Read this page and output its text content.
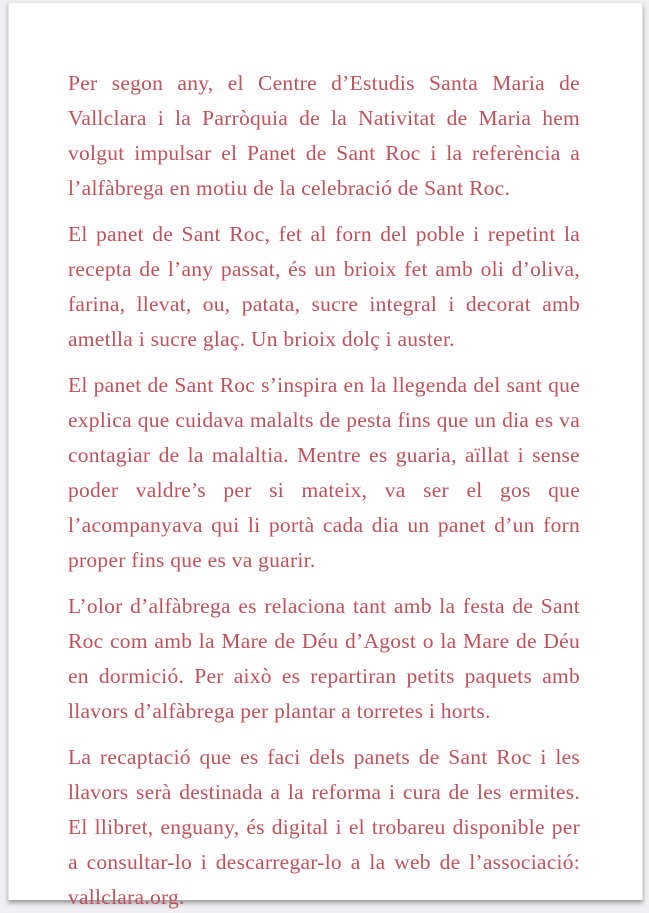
Per segon any, el Centre d’Estudis Santa Maria de Vallclara i la Parròquia de la Nativitat de Maria hem volgut impulsar el Panet de Sant Roc i la referència a l’alfàbrega en motiu de la celebració de Sant Roc.

El panet de Sant Roc, fet al forn del poble i repetint la recepta de l’any passat, és un brioix fet amb oli d’oliva, farina, llevat, ou, patata, sucre integral i decorat amb ametlla i sucre glaç. Un brioix dolç i auster.

El panet de Sant Roc s’inspira en la llegenda del sant que explica que cuidava malalts de pesta fins que un dia es va contagiar de la malaltia. Mentre es guaria, aïllat i sense poder valdre’s per si mateix, va ser el gos que l’acompanyava qui li portà cada dia un panet d’un forn proper fins que es va guarir.

L’olor d’alfàbrega es relaciona tant amb la festa de Sant Roc com amb la Mare de Déu d’Agost o la Mare de Déu en dormició. Per això es repartiran petits paquets amb llavors d’alfàbrega per plantar a torretes i horts.

La recaptació que es faci dels panets de Sant Roc i les llavors serà destinada a la reforma i cura de les ermites. El llibret, enguany, és digital i el trobareu disponible per a consultar-lo i descarregar-lo a la web de l’associació: vallclara.org.
